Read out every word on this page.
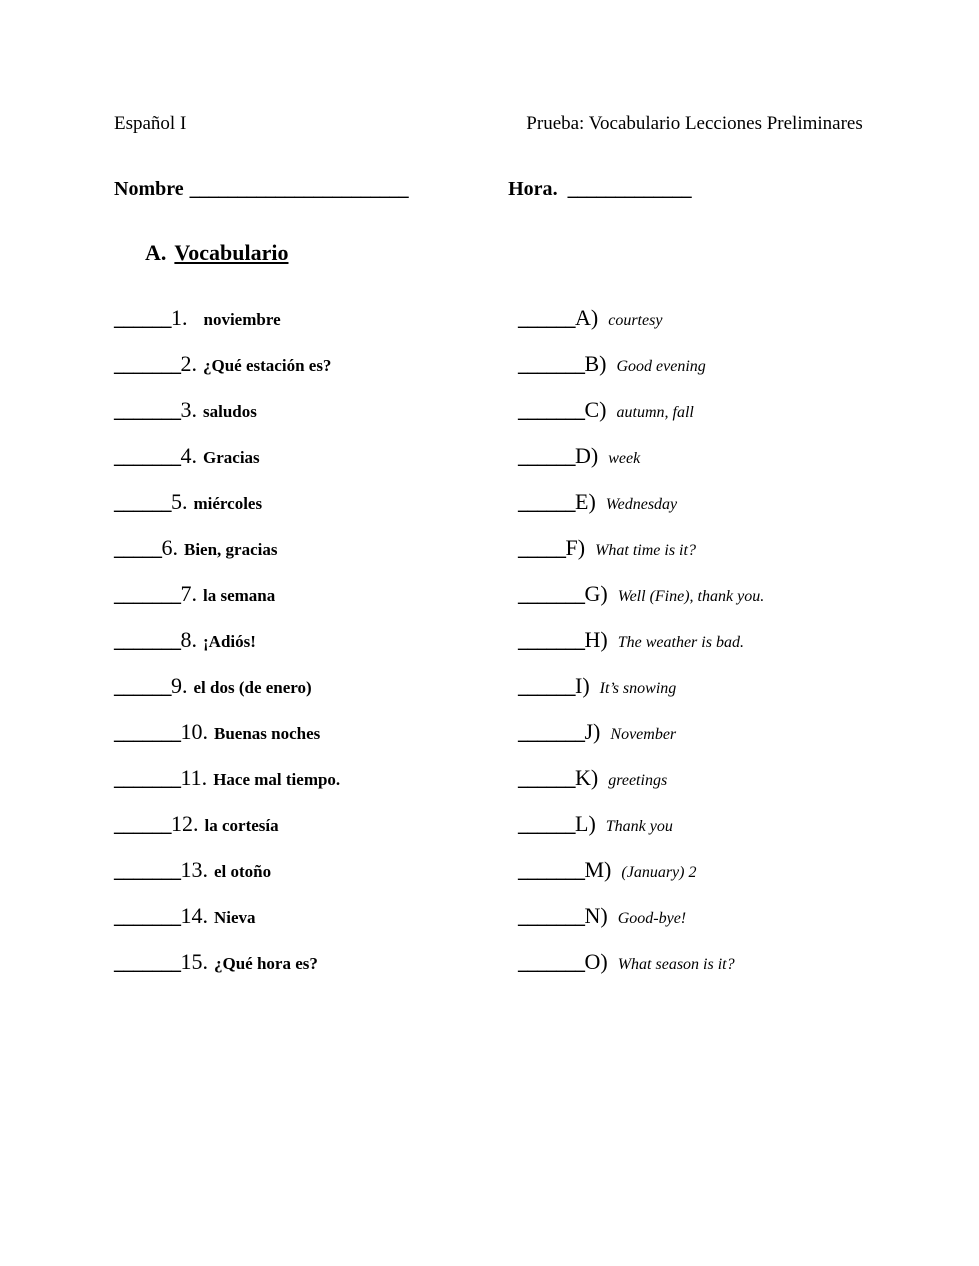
Español I	Prueba: Vocabulario Lecciones Preliminares
Nombre _______________________	Hora. _____________
A. Vocabulario
______ 1. noviembre	______ A) courtesy
_______ 2. ¿Qué estación es?	_______ B) Good evening
_______ 3. saludos	_______ C) autumn, fall
_______ 4. Gracias	______ D) week
______ 5. miércoles	______ E) Wednesday
_____ 6. Bien, gracias	_____ F) What time is it?
_______ 7. la semana	_______ G) Well (Fine), thank you.
_______ 8. ¡Adiós!	_______ H) The weather is bad.
______ 9. el dos (de enero)	______ I) It’s snowing
_______ 10. Buenas noches	_______ J) November
_______ 11. Hace mal tiempo.	______ K) greetings
______ 12. la cortesía	______ L) Thank you
_______ 13. el otoño	_______ M) (January) 2
_______ 14. Nieva	_______ N) Good-bye!
_______ 15. ¿Qué hora es?	_______ O) What season is it?
